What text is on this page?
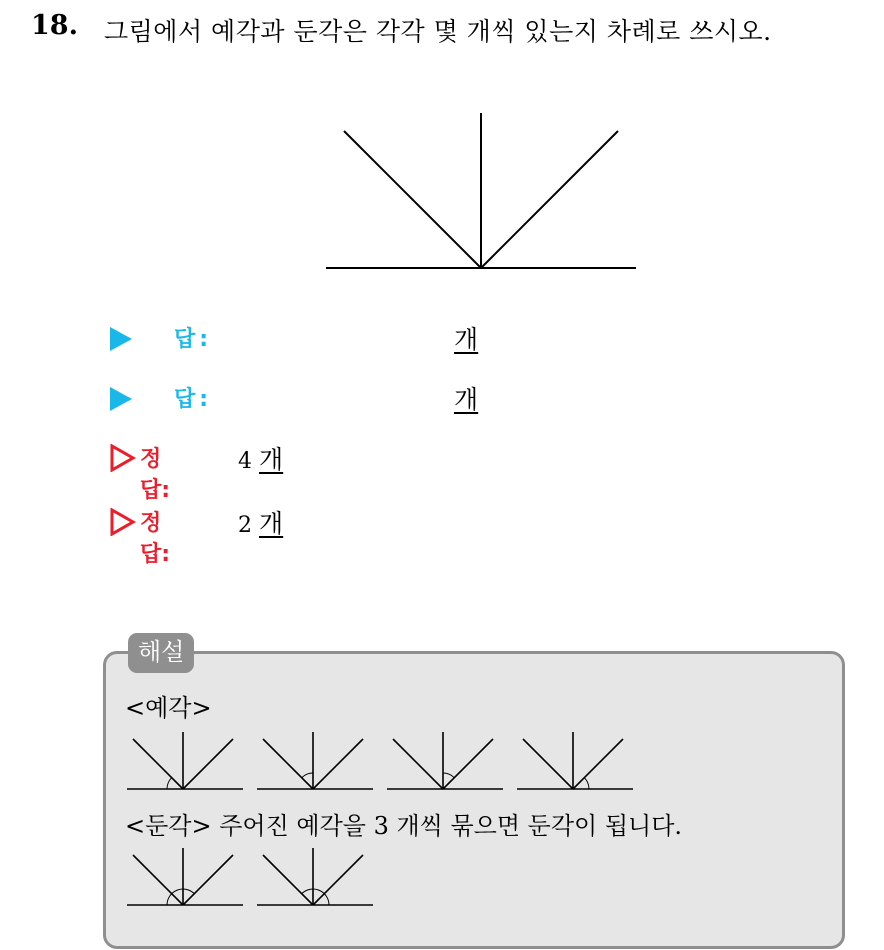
18. 그림에서 예각과 둔각은 각각 몇 개씩 있는지 차례로 쓰시오.
답:	개
답:	개
정답:
4 개
정답:
2 개
해설
<예각>
<둔각> 주어진 예각을 3 개씩 묶으면 둔각이 됩니다.
